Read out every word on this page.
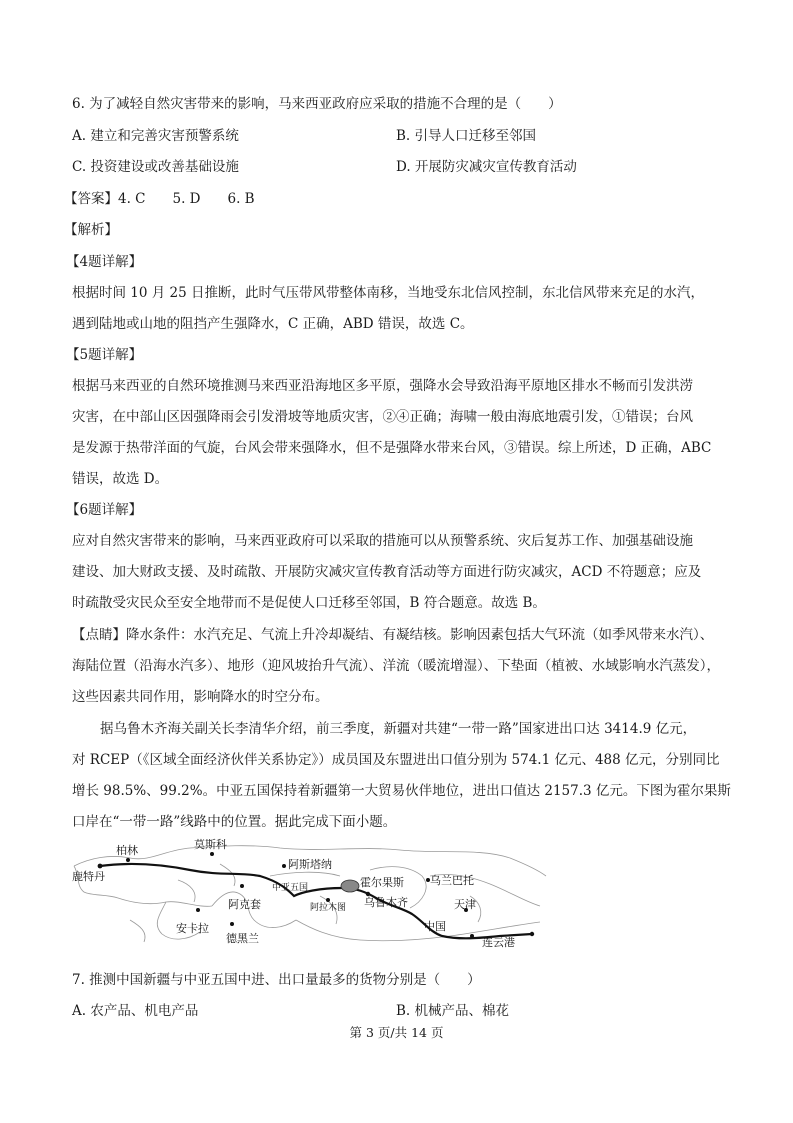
6. 为了减轻自然灾害带来的影响，马来西亚政府应采取的措施不合理的是（　　）
A. 建立和完善灾害预警系统	B. 引导人口迁移至邻国
C. 投资建设或改善基础设施	D. 开展防灾减灾宣传教育活动
【答案】4. C　　5. D　　6. B
【解析】
【4题详解】
根据时间 10 月 25 日推断，此时气压带风带整体南移，当地受东北信风控制，东北信风带来充足的水汽，
遇到陆地或山地的阻挡产生强降水，C 正确，ABD 错误，故选 C。
【5题详解】
根据马来西亚的自然环境推测马来西亚沿海地区多平原，强降水会导致沿海平原地区排水不畅而引发洪涝
灾害，在中部山区因强降雨会引发滑坡等地质灾害，②④正确；海啸一般由海底地震引发，①错误；台风
是发源于热带洋面的气旋，台风会带来强降水，但不是强降水带来台风，③错误。综上所述，D 正确，ABC
错误，故选 D。
【6题详解】
应对自然灾害带来的影响，马来西亚政府可以采取的措施可以从预警系统、灾后复苏工作、加强基础设施
建设、加大财政支援、及时疏散、开展防灾减灾宣传教育活动等方面进行防灾减灾，ACD 不符题意；应及
时疏散受灾民众至安全地带而不是促使人口迁移至邻国，B 符合题意。故选 B。
【点睛】降水条件：水汽充足、气流上升冷却凝结、有凝结核。影响因素包括大气环流（如季风带来水汽）、
海陆位置（沿海水汽多）、地形（迎风坡抬升气流）、洋流（暖流增湿）、下垫面（植被、水域影响水汽蒸发），
这些因素共同作用，影响降水的时空分布。
据乌鲁木齐海关副关长李清华介绍，前三季度，新疆对共建“一带一路”国家进出口达 3414.9 亿元，
对 RCEP（《区域全面经济伙伴关系协定》）成员国及东盟进出口值分别为 574.1 亿元、488 亿元，分别同比
增长 98.5%、99.2%。中亚五国保持着新疆第一大贸易伙伴地位，进出口值达 2157.3 亿元。下图为霍尔果斯
口岸在“一带一路”线路中的位置。据此完成下面小题。
柏林	莫斯科
鹿特丹
阿斯塔纳
中亚五国	霍尔果斯 乌兰巴托
阿克套	阿拉木图 乌鲁木齐	天津
安卡拉
德黑兰
中国
连云港
7. 推测中国新疆与中亚五国中进、出口量最多的货物分别是（　　）
A. 农产品、机电产品	B. 机械产品、棉花
第 3 页/共 14 页
